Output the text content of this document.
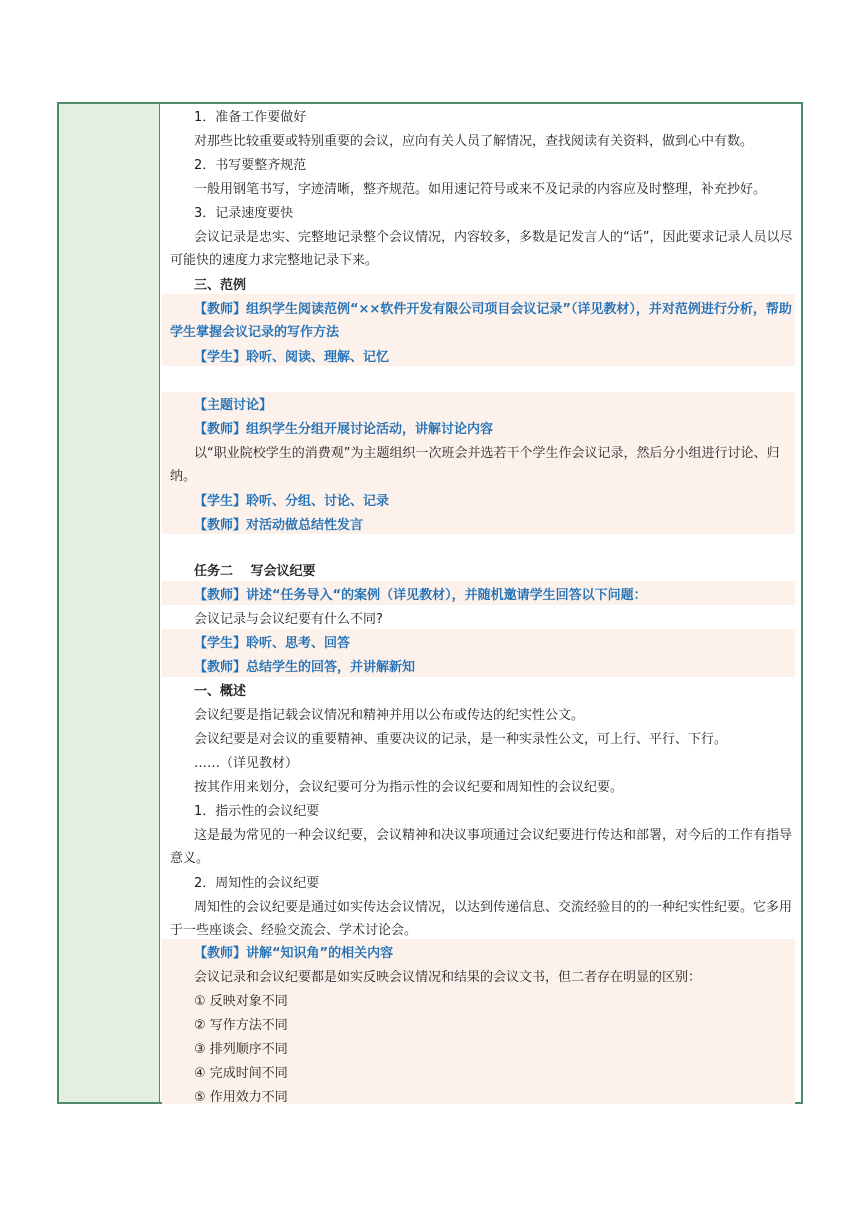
1．准备工作要做好
对那些比较重要或特别重要的会议，应向有关人员了解情况，查找阅读有关资料，做到心中有数。
2．书写要整齐规范
一般用钢笔书写，字迹清晰，整齐规范。如用速记符号或来不及记录的内容应及时整理，补充抄好。
3．记录速度要快
会议记录是忠实、完整地记录整个会议情况，内容较多，多数是记发言人的“话”，因此要求记录人员以尽可能快的速度力求完整地记录下来。
三、范例
【教师】组织学生阅读范例“××软件开发有限公司项目会议记录”（详见教材），并对范例进行分析，帮助学生掌握会议记录的写作方法
【学生】聆听、阅读、理解、记忆
【主题讨论】
【教师】组织学生分组开展讨论活动，讲解讨论内容
以“职业院校学生的消费观”为主题组织一次班会并选若干个学生作会议记录，然后分小组进行讨论、归纳。
【学生】聆听、分组、讨论、记录
【教师】对活动做总结性发言
任务二　 写会议纪要
【教师】讲述“任务导入“的案例（详见教材），并随机邀请学生回答以下问题：
会议记录与会议纪要有什么不同?
【学生】聆听、思考、回答
【教师】总结学生的回答，并讲解新知
一、概述
会议纪要是指记载会议情况和精神并用以公布或传达的纪实性公文。
会议纪要是对会议的重要精神、重要决议的记录，是一种实录性公文，可上行、平行、下行。
……（详见教材）
按其作用来划分，会议纪要可分为指示性的会议纪要和周知性的会议纪要。
1．指示性的会议纪要
这是最为常见的一种会议纪要，会议精神和决议事项通过会议纪要进行传达和部署，对今后的工作有指导意义。
2．周知性的会议纪要
周知性的会议纪要是通过如实传达会议情况，以达到传递信息、交流经验目的的一种纪实性纪要。它多用于一些座谈会、经验交流会、学术讨论会。
【教师】讲解“知识角”的相关内容
会议记录和会议纪要都是如实反映会议情况和结果的会议文书，但二者存在明显的区别：
① 反映对象不同
② 写作方法不同
③ 排列顺序不同
④ 完成时间不同
⑤ 作用效力不同
